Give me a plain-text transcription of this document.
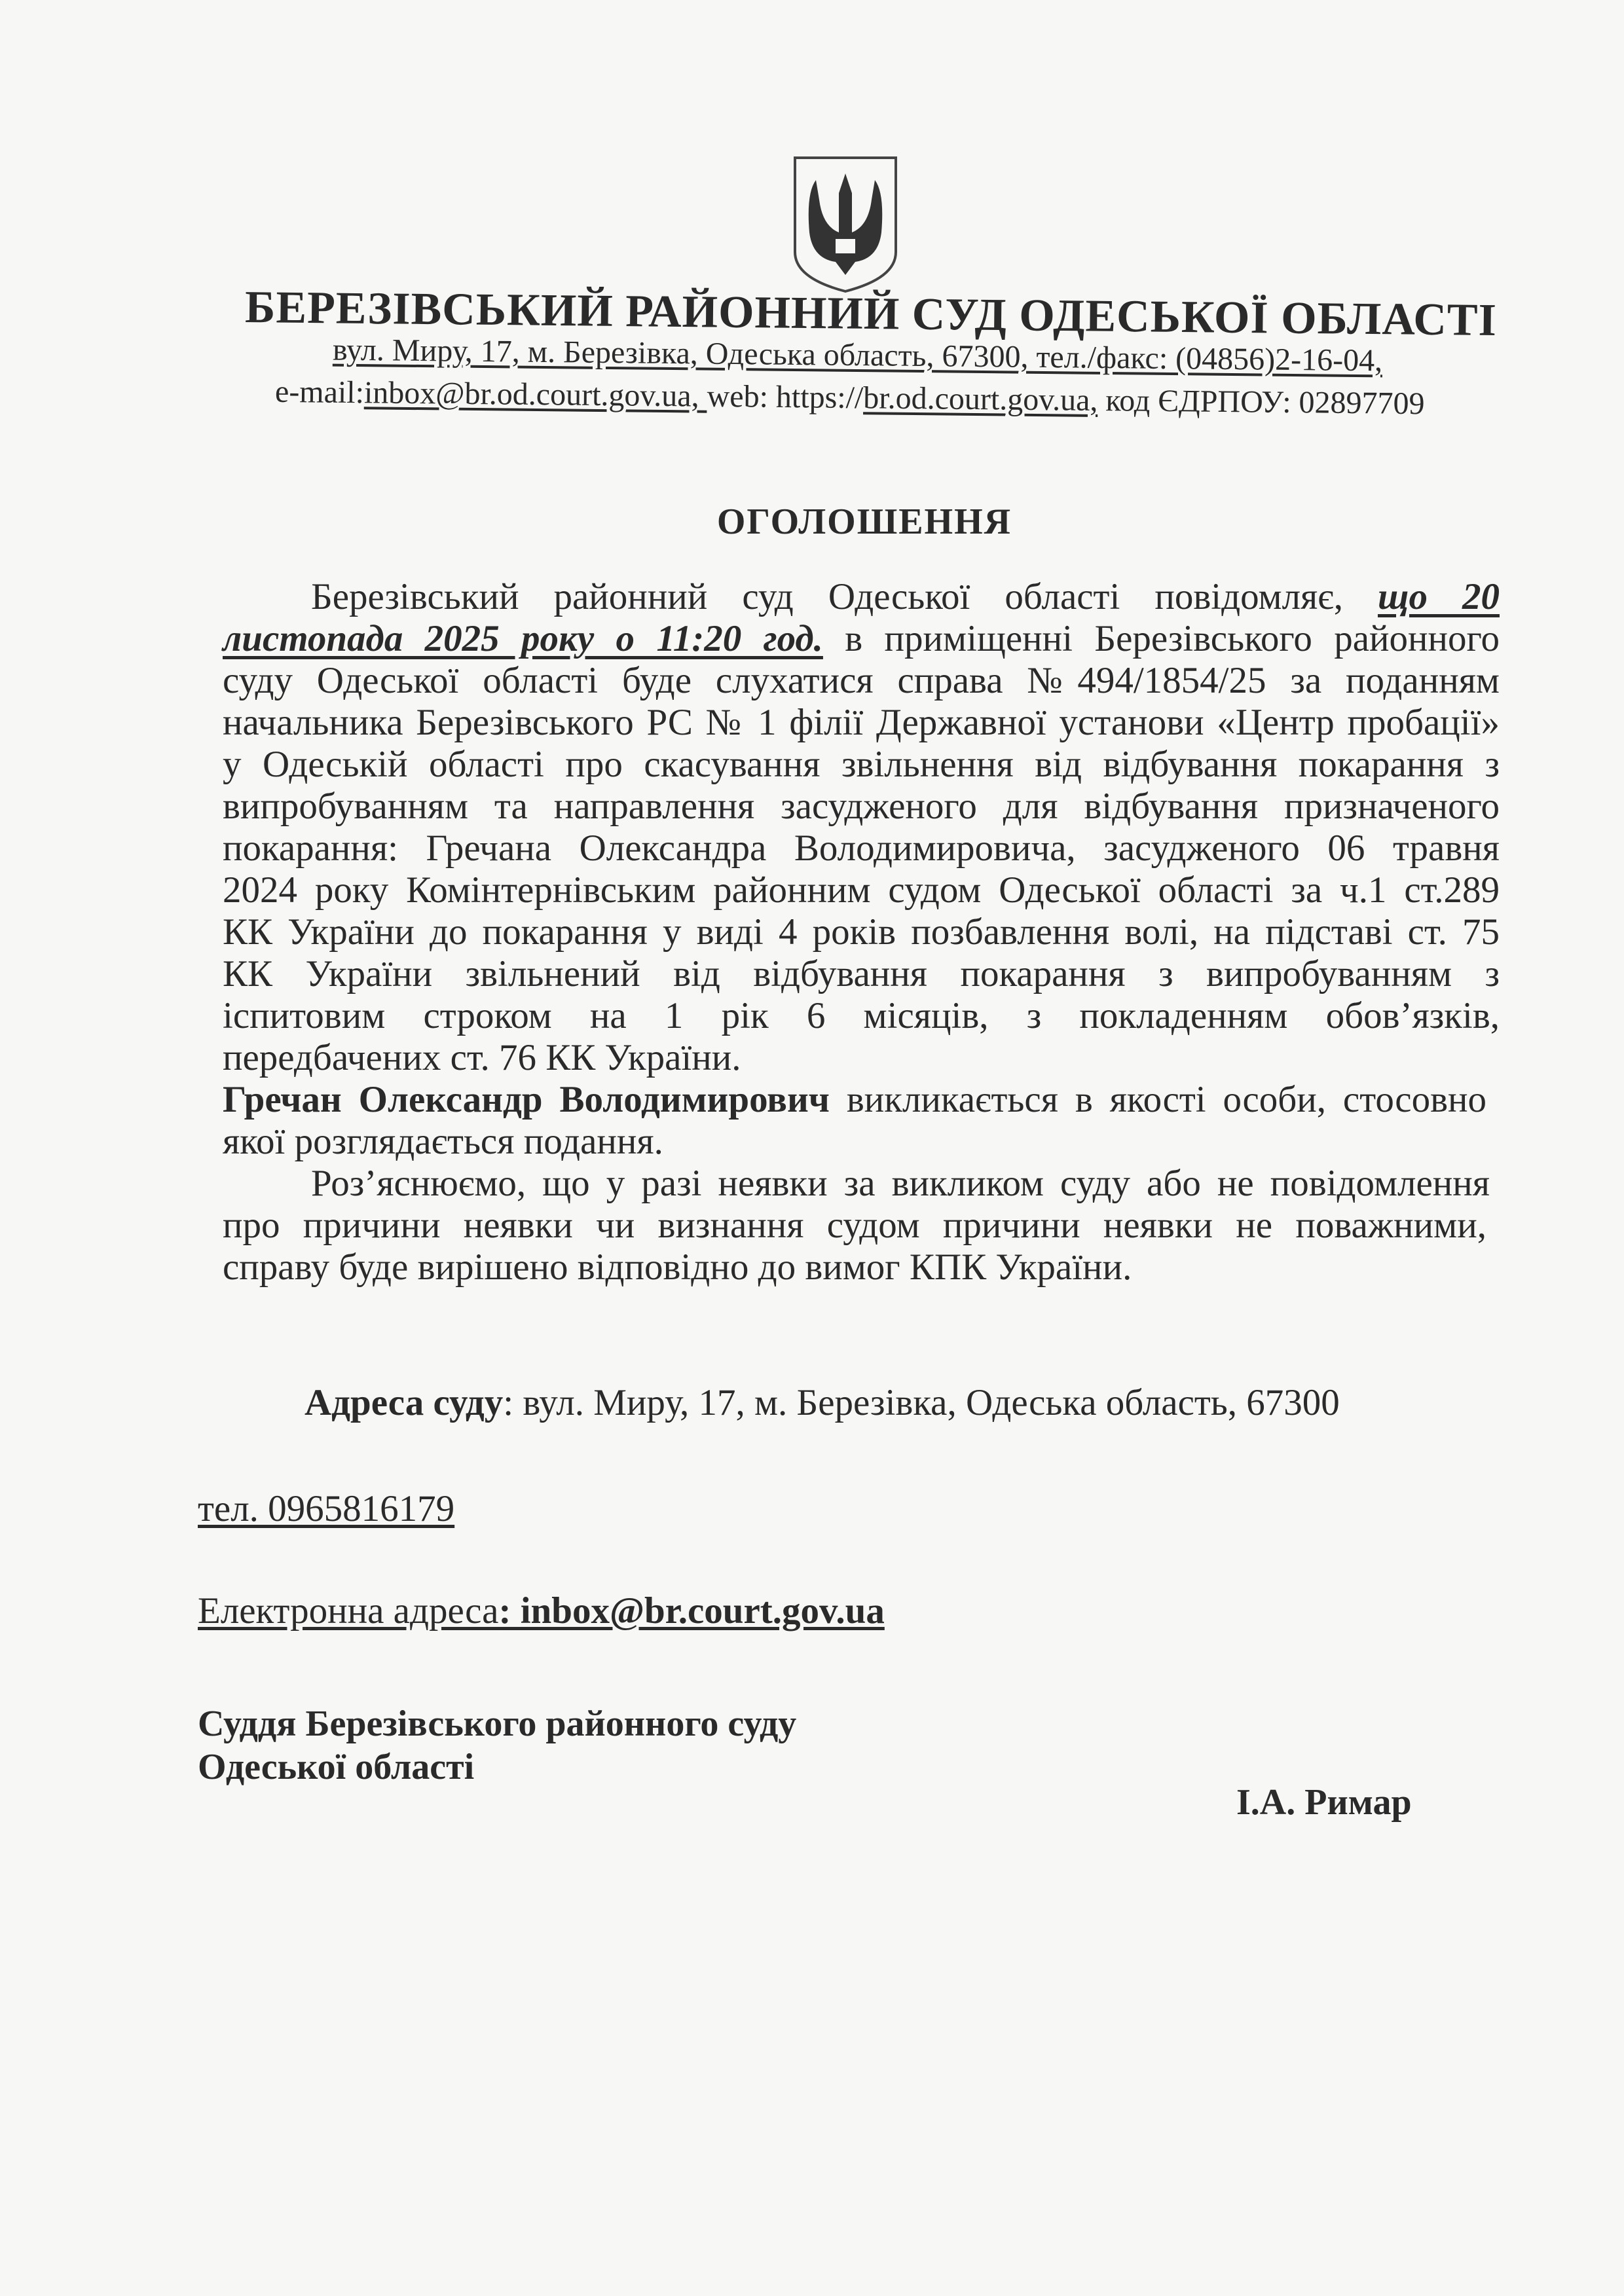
БЕРЕЗІВСЬКИЙ РАЙОННИЙ СУД ОДЕСЬКОЇ ОБЛАСТІ
вул. Миру, 17, м. Березівка, Одеська область, 67300, тел./факс: (04856)2-16-04,
e-mail:inbox@br.od.court.gov.ua, web: https://br.od.court.gov.ua, код ЄДРПОУ: 02897709
ОГОЛОШЕННЯ
Березівський районний суд Одеської області повідомляє, що 20
листопада 2025 року о 11:20 год. в приміщенні Березівського районного
суду Одеської області буде слухатися справа №494/1854/25 за поданням
начальника Березівського РС № 1 філії Державної установи «Центр пробації»
у Одеській області про скасування звільнення від відбування покарання з
випробуванням та направлення засудженого для відбування призначеного
покарання: Гречана Олександра Володимировича, засудженого 06 травня
2024 року Комінтернівським районним судом Одеської області за ч.1 ст.289
КК України до покарання у виді 4 років позбавлення волі, на підставі ст. 75
КК України звільнений від відбування покарання з випробуванням з
іспитовим строком на 1 рік 6 місяців, з покладенням обов’язків,
передбачених ст. 76 КК України.
Гречан Олександр Володимирович викликається в якості особи, стосовно
якої розглядається подання.
Роз’яснюємо, що у разі неявки за викликом суду або не повідомлення
про причини неявки чи визнання судом причини неявки не поважними,
справу буде вирішено відповідно до вимог КПК України.
Адреса суду: вул. Миру, 17, м. Березівка, Одеська область, 67300
тел. 0965816179
Електронна адреса: inbox@br.court.gov.ua
Суддя Березівського районного суду
Одеської області
І.А. Римар
